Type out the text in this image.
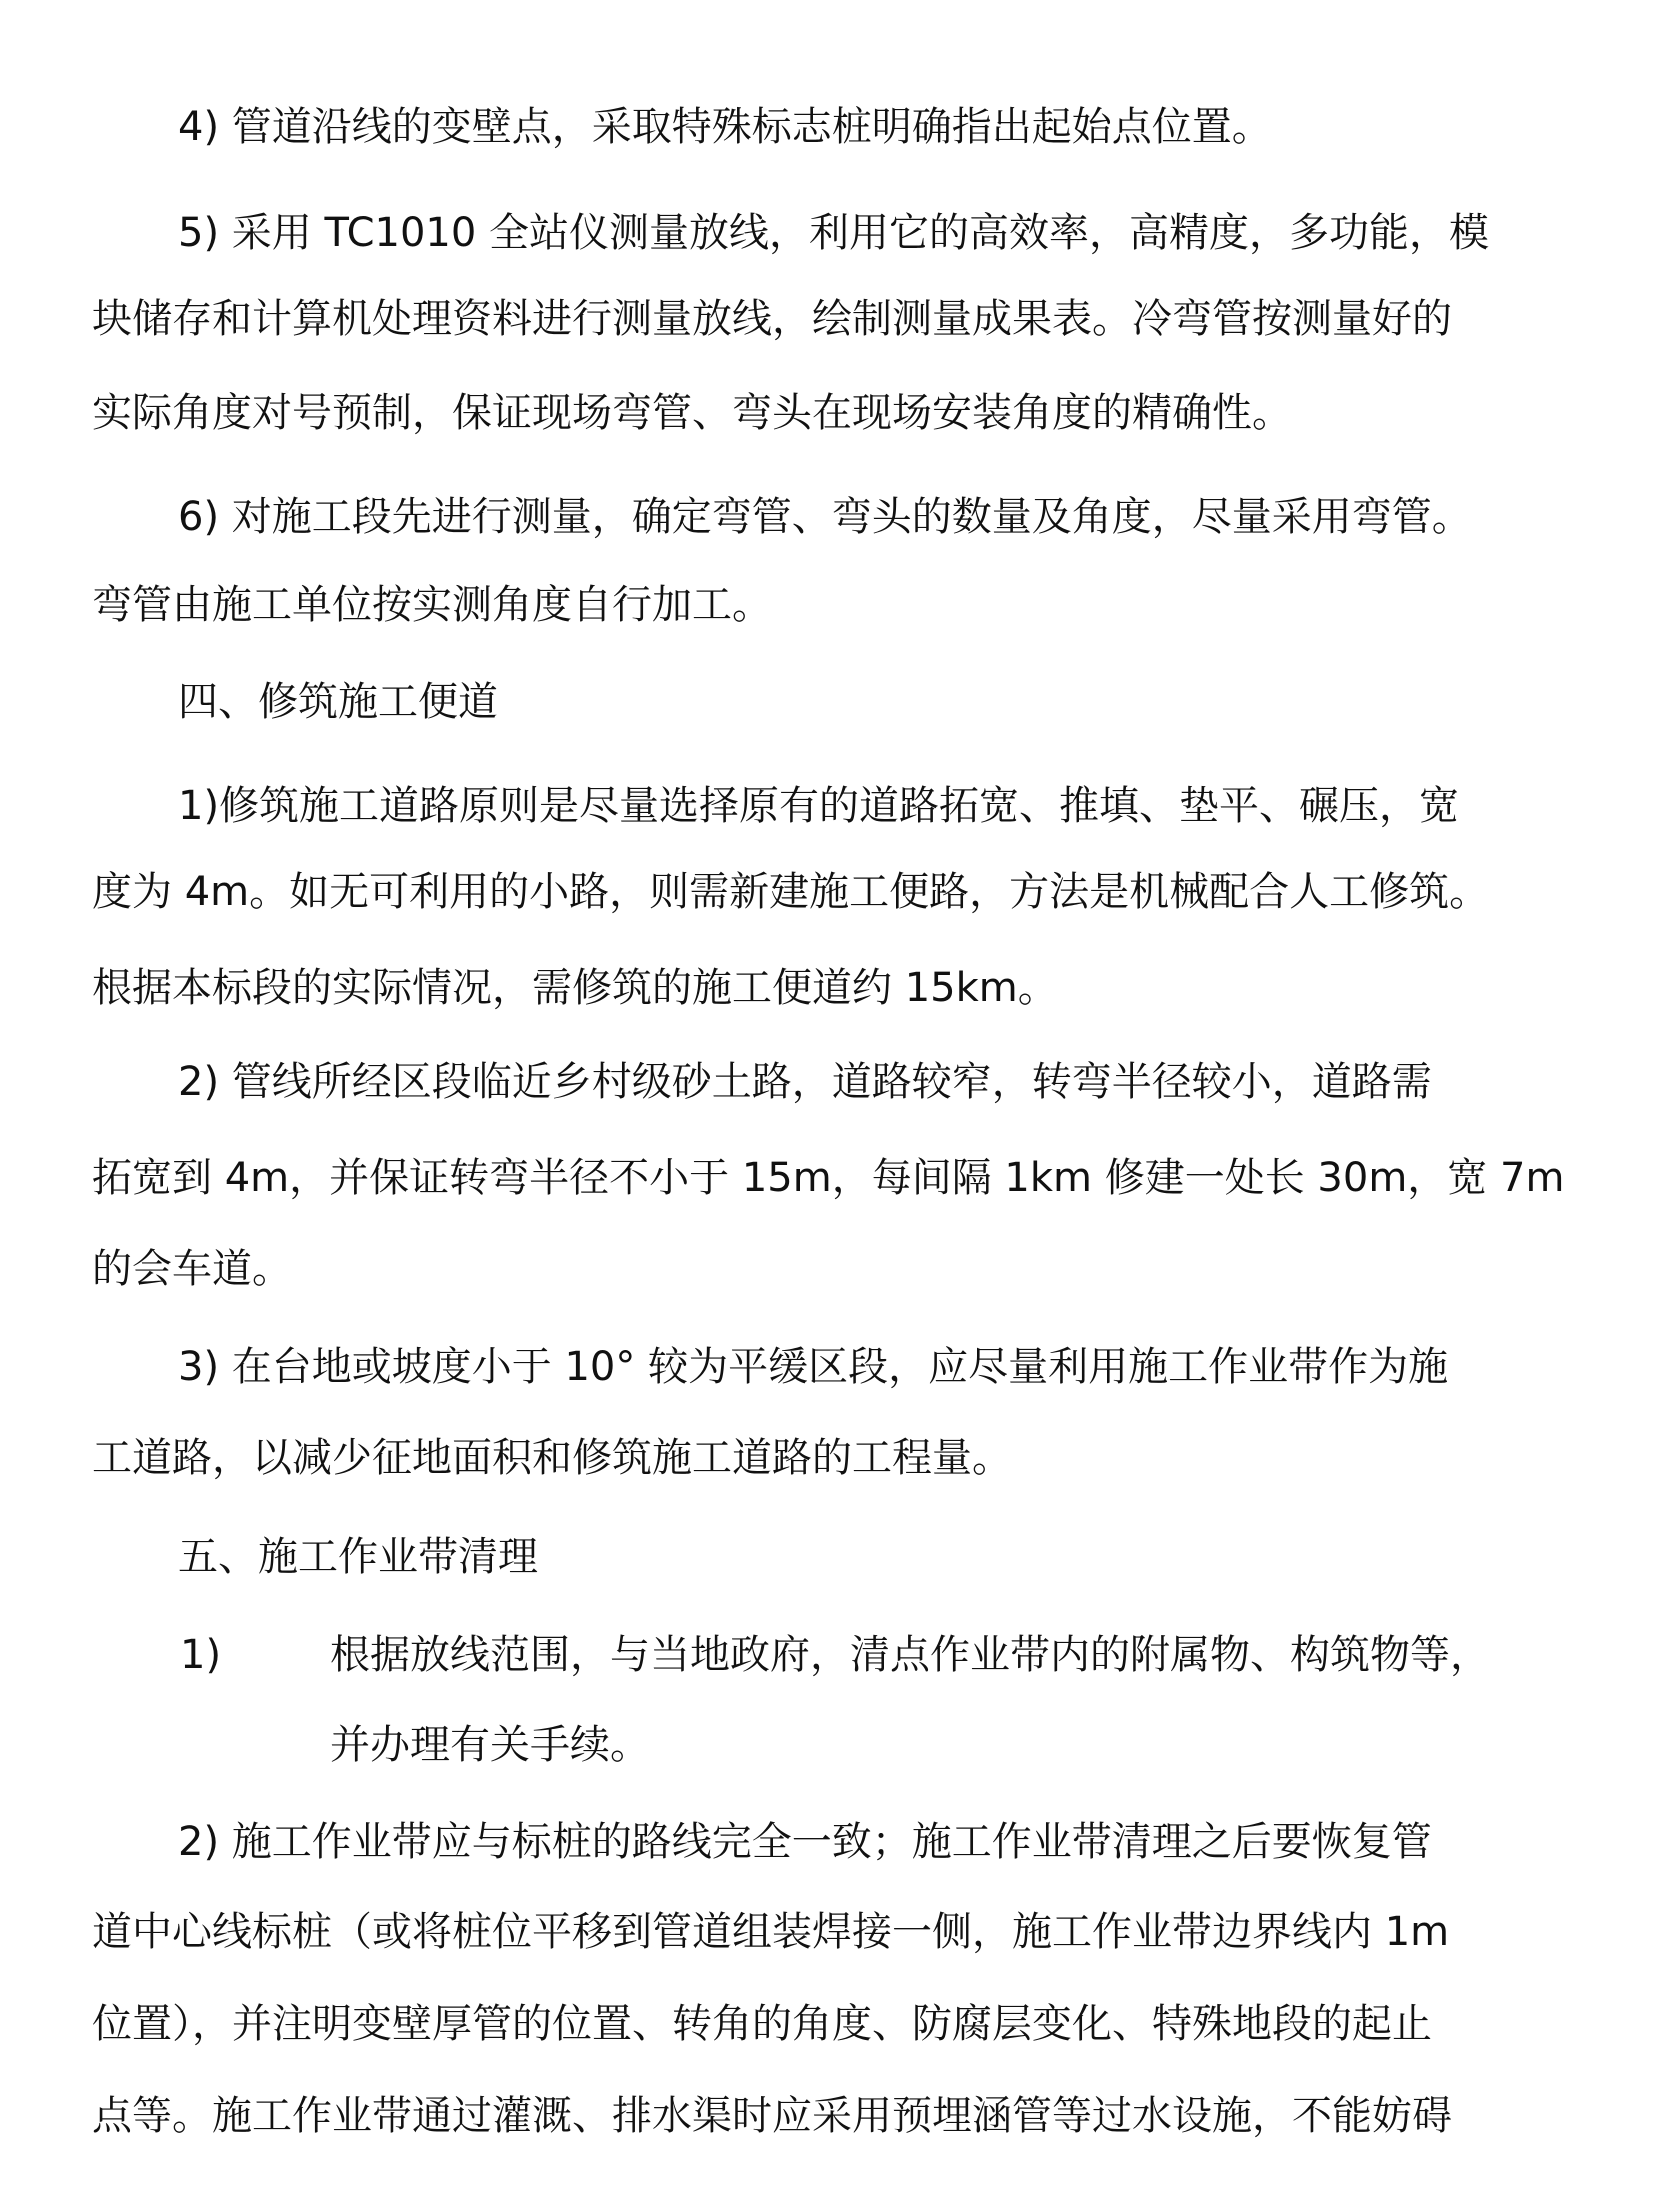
4) 管道沿线的变壁点，采取特殊标志桩明确指出起始点位置。
5) 采用 TC1010 全站仪测量放线，利用它的高效率，高精度，多功能，模
块储存和计算机处理资料进行测量放线，绘制测量成果表。冷弯管按测量好的
实际角度对号预制，保证现场弯管、弯头在现场安装角度的精确性。
6) 对施工段先进行测量，确定弯管、弯头的数量及角度，尽量采用弯管。
弯管由施工单位按实测角度自行加工。
四、修筑施工便道
1)修筑施工道路原则是尽量选择原有的道路拓宽、推填、垫平、碾压，宽
度为 4m。如无可利用的小路，则需新建施工便路，方法是机械配合人工修筑。
根据本标段的实际情况，需修筑的施工便道约 15km。
2) 管线所经区段临近乡村级砂土路，道路较窄，转弯半径较小，道路需
拓宽到 4m，并保证转弯半径不小于 15m，每间隔 1km 修建一处长 30m，宽 7m
的会车道。
3) 在台地或坡度小于 10° 较为平缓区段，应尽量利用施工作业带作为施
工道路，以减少征地面积和修筑施工道路的工程量。
五、施工作业带清理
1)	根据放线范围，与当地政府，清点作业带内的附属物、构筑物等，
并办理有关手续。
2) 施工作业带应与标桩的路线完全一致；施工作业带清理之后要恢复管
道中心线标桩（或将桩位平移到管道组装焊接一侧，施工作业带边界线内 1m
位置），并注明变壁厚管的位置、转角的角度、防腐层变化、特殊地段的起止
点等。施工作业带通过灌溉、排水渠时应采用预埋涵管等过水设施，不能妨碍
